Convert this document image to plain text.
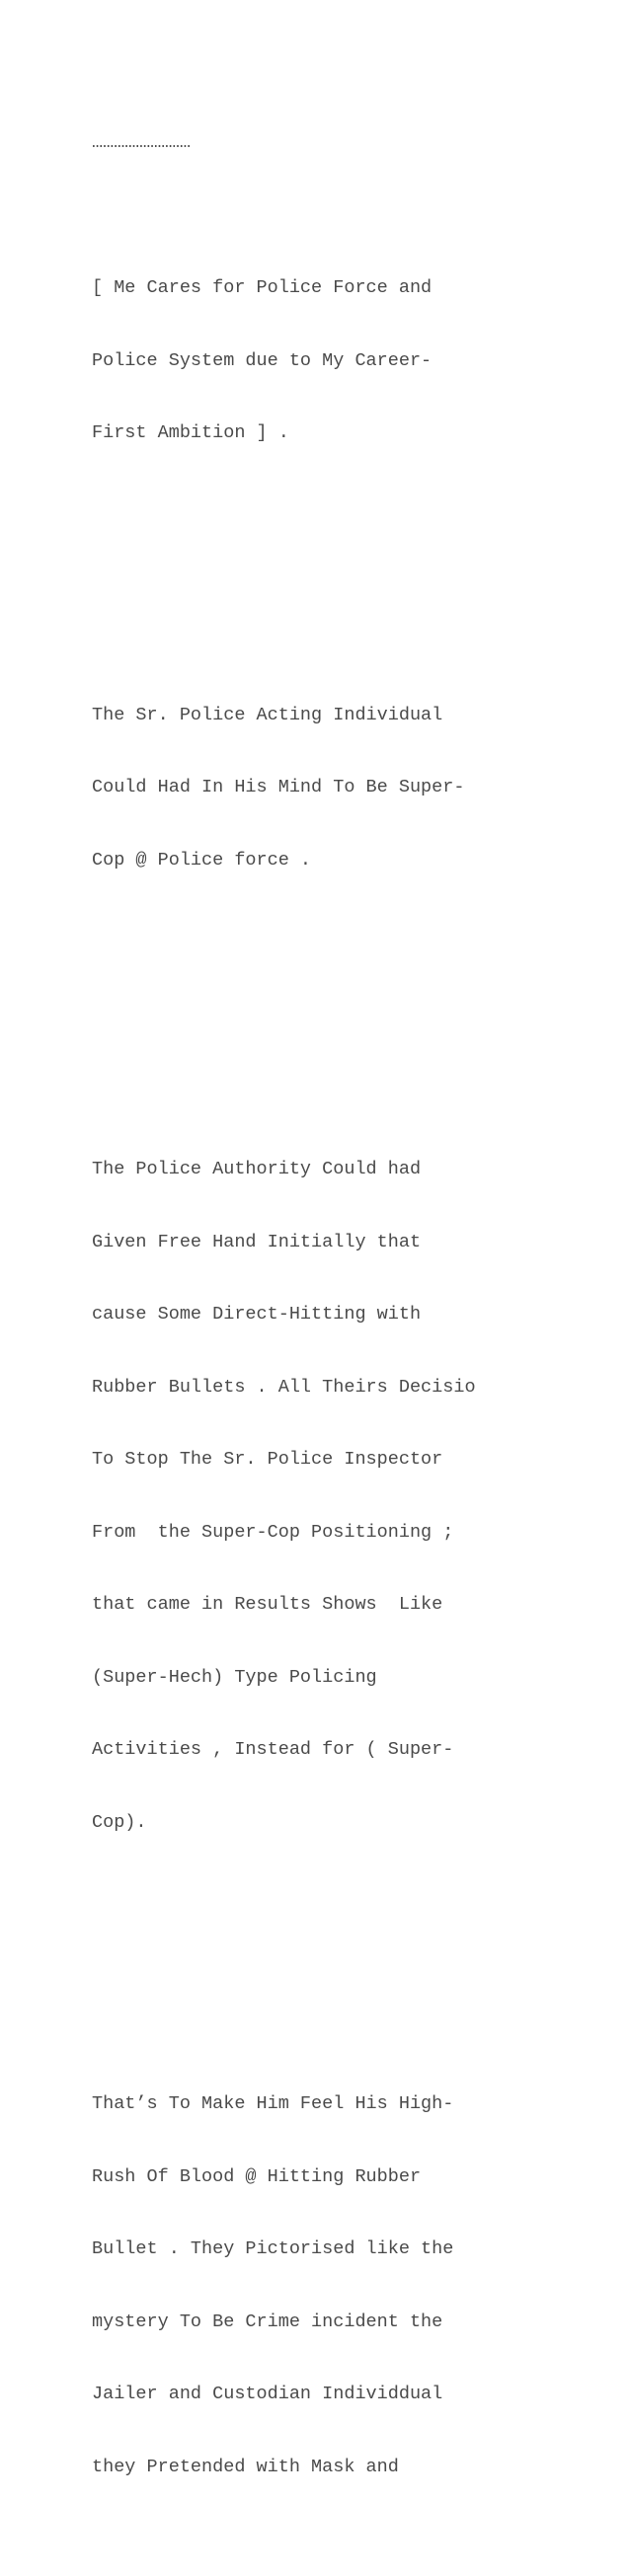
………………………

[ Me Cares for Police Force and

Police System due to My Career-

First Ambition ] .

The Sr. Police Acting Individual

Could Had In His Mind To Be Super-

Cop @ Police force .

The Police Authority Could had

Given Free Hand Initially that

cause Some Direct-Hitting with

Rubber Bullets . All Theirs Decisio

To Stop The Sr. Police Inspector

From  the Super-Cop Positioning ;

that came in Results Shows  Like

(Super-Hech) Type Policing

Activities , Instead for ( Super-

Cop).

That’s To Make Him Feel His High-

Rush Of Blood @ Hitting Rubber

Bullet . They Pictorised like the

mystery To Be Crime incident the

Jailer and Custodian Individdual

they Pretended with Mask and
